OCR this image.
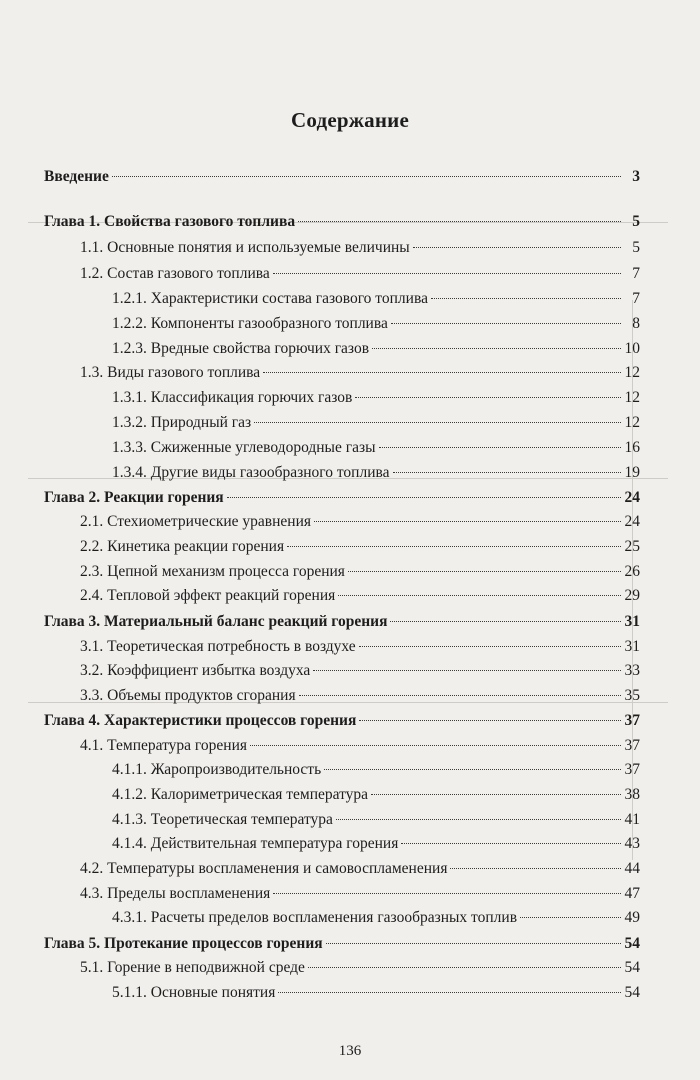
Содержание
Введение	3
Глава 1. Свойства газового топлива	5
1.1. Основные понятия и используемые величины	5
1.2. Состав газового топлива	7
1.2.1. Характеристики состава газового топлива	7
1.2.2. Компоненты газообразного топлива	8
1.2.3. Вредные свойства горючих газов	10
1.3. Виды газового топлива	12
1.3.1. Классификация горючих газов	12
1.3.2. Природный газ	12
1.3.3. Сжиженные углеводородные газы	16
1.3.4. Другие виды газообразного топлива	19
Глава 2. Реакции горения	24
2.1. Стехиометрические уравнения	24
2.2. Кинетика реакции горения	25
2.3. Цепной механизм процесса горения	26
2.4. Тепловой эффект реакций горения	29
Глава 3. Материальный баланс реакций горения	31
3.1. Теоретическая потребность в воздухе	31
3.2. Коэффициент избытка воздуха	33
3.3. Объемы продуктов сгорания	35
Глава 4. Характеристики процессов горения	37
4.1. Температура горения	37
4.1.1. Жаропроизводительность	37
4.1.2. Калориметрическая температура	38
4.1.3. Теоретическая температура	41
4.1.4. Действительная температура горения	43
4.2. Температуры воспламенения и самовоспламенения	44
4.3. Пределы воспламенения	47
4.3.1. Расчеты пределов воспламенения газообразных топлив	49
Глава 5. Протекание процессов горения	54
5.1. Горение в неподвижной среде	54
5.1.1. Основные понятия	54
136
